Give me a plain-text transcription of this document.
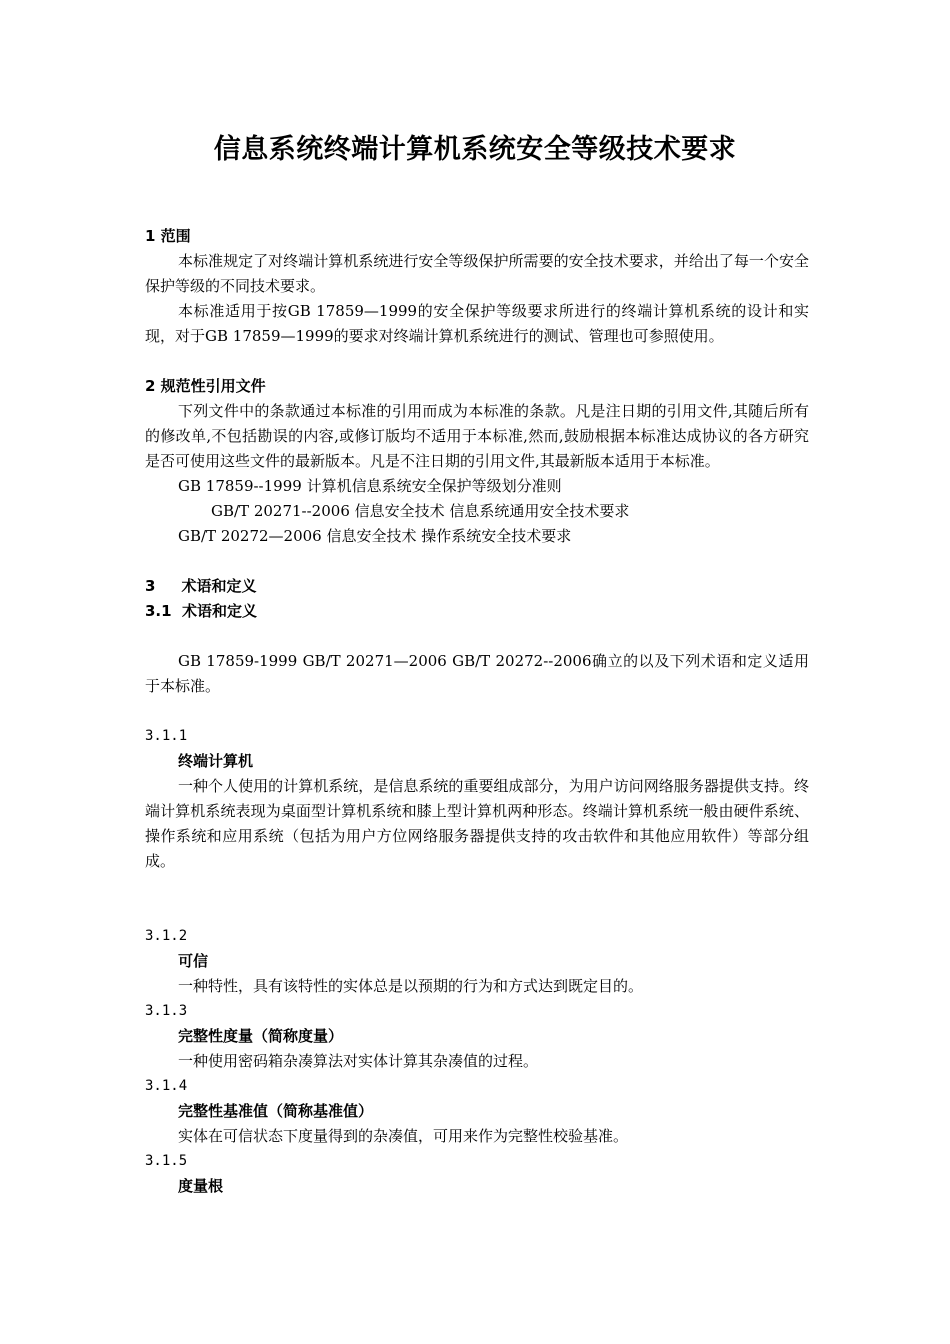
信息系统终端计算机系统安全等级技术要求
1 范围

本标准规定了对终端计算机系统进行安全等级保护所需要的安全技术要求，并给出了每一个安全保护等级的不同技术要求。

本标准适用于按GB 17859—1999的安全保护等级要求所进行的终端计算机系统的设计和实现，对于GB 17859—1999的要求对终端计算机系统进行的测试、管理也可参照使用。

2 规范性引用文件

下列文件中的条款通过本标准的引用而成为本标准的条款。凡是注日期的引用文件,其随后所有的修改单,不包括勘误的内容,或修订版均不适用于本标准,然而,鼓励根据本标准达成协议的各方研究是否可使用这些文件的最新版本。凡是不注日期的引用文件,其最新版本适用于本标准。

GB 17859--1999 计算机信息系统安全保护等级划分准则
GB/T 20271--2006 信息安全技术 信息系统通用安全技术要求
GB/T 20272—2006 信息安全技术 操作系统安全技术要求
3     术语和定义
3.1  术语和定义

GB 17859-1999 GB/T 20271—2006 GB/T 20272--2006确立的以及下列术语和定义适用于本标准。

3.1.1
终端计算机

一种个人使用的计算机系统，是信息系统的重要组成部分，为用户访问网络服务器提供支持。终端计算机系统表现为桌面型计算机系统和膝上型计算机两种形态。终端计算机系统一般由硬件系统、操作系统和应用系统（包括为用户方位网络服务器提供支持的攻击软件和其他应用软件）等部分组成。

3.1.2
可信

一种特性，具有该特性的实体总是以预期的行为和方式达到既定目的。

3.1.3
完整性度量（简称度量）

一种使用密码箱杂凑算法对实体计算其杂凑值的过程。

3.1.4
完整性基准值（简称基准值）

实体在可信状态下度量得到的杂凑值，可用来作为完整性校验基准。

3.1.5
度量根
